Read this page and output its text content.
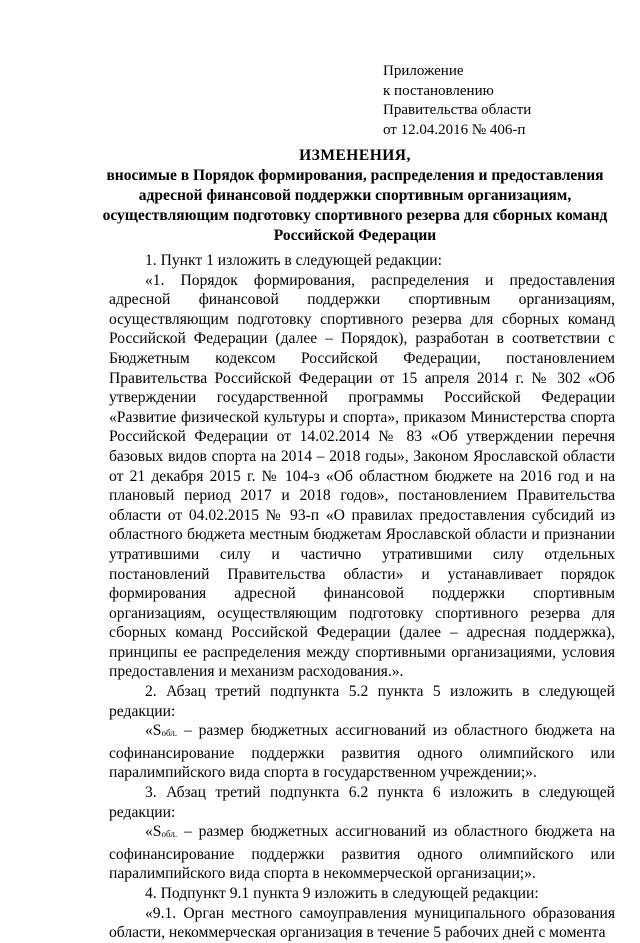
Приложение
к постановлению
Правительства области
от 12.04.2016 № 406-п
ИЗМЕНЕНИЯ,
вносимые в Порядок формирования, распределения и предоставления
адресной финансовой поддержки спортивным организациям,
осуществляющим подготовку спортивного резерва для сборных команд
Российской Федерации

1. Пункт 1 изложить в следующей редакции:

«1. Порядок формирования, распределения и предоставления адресной финансовой поддержки спортивным организациям, осуществляющим подготовку спортивного резерва для сборных команд Российской Федерации (далее – Порядок), разработан в соответствии с Бюджетным кодексом Российской Федерации, постановлением Правительства Российской Федерации от 15 апреля 2014 г. № 302 «Об утверждении государственной программы Российской Федерации «Развитие физической культуры и спорта», приказом Министерства спорта Российской Федерации от 14.02.2014 № 83 «Об утверждении перечня базовых видов спорта на 2014 – 2018 годы», Законом Ярославской области от 21 декабря 2015 г. № 104-з «Об областном бюджете на 2016 год и на плановый период 2017 и 2018 годов», постановлением Правительства области от 04.02.2015 № 93-п «О правилах предоставления субсидий из областного бюджета местным бюджетам Ярославской области и признании утратившими силу и частично утратившими силу отдельных постановлений Правительства области» и устанавливает порядок формирования адресной финансовой поддержки спортивным организациям, осуществляющим подготовку спортивного резерва для сборных команд Российской Федерации (далее – адресная поддержка), принципы ее распределения между спортивными организациями, условия предоставления и механизм расходования.».

2. Абзац третий подпункта 5.2 пункта 5 изложить в следующей редакции:

«$S_{обл.}$ – размер бюджетных ассигнований из областного бюджета на софинансирование поддержки развития одного олимпийского или паралимпийского вида спорта в государственном учреждении;».

3. Абзац третий подпункта 6.2 пункта 6 изложить в следующей редакции:

«$S_{обл.}$ – размер бюджетных ассигнований из областного бюджета на софинансирование поддержки развития одного олимпийского или паралимпийского вида спорта в некоммерческой организации;».

4. Подпункт 9.1 пункта 9 изложить в следующей редакции:

«9.1. Орган местного самоуправления муниципального образования области, некоммерческая организация в течение 5 рабочих дней с момента
